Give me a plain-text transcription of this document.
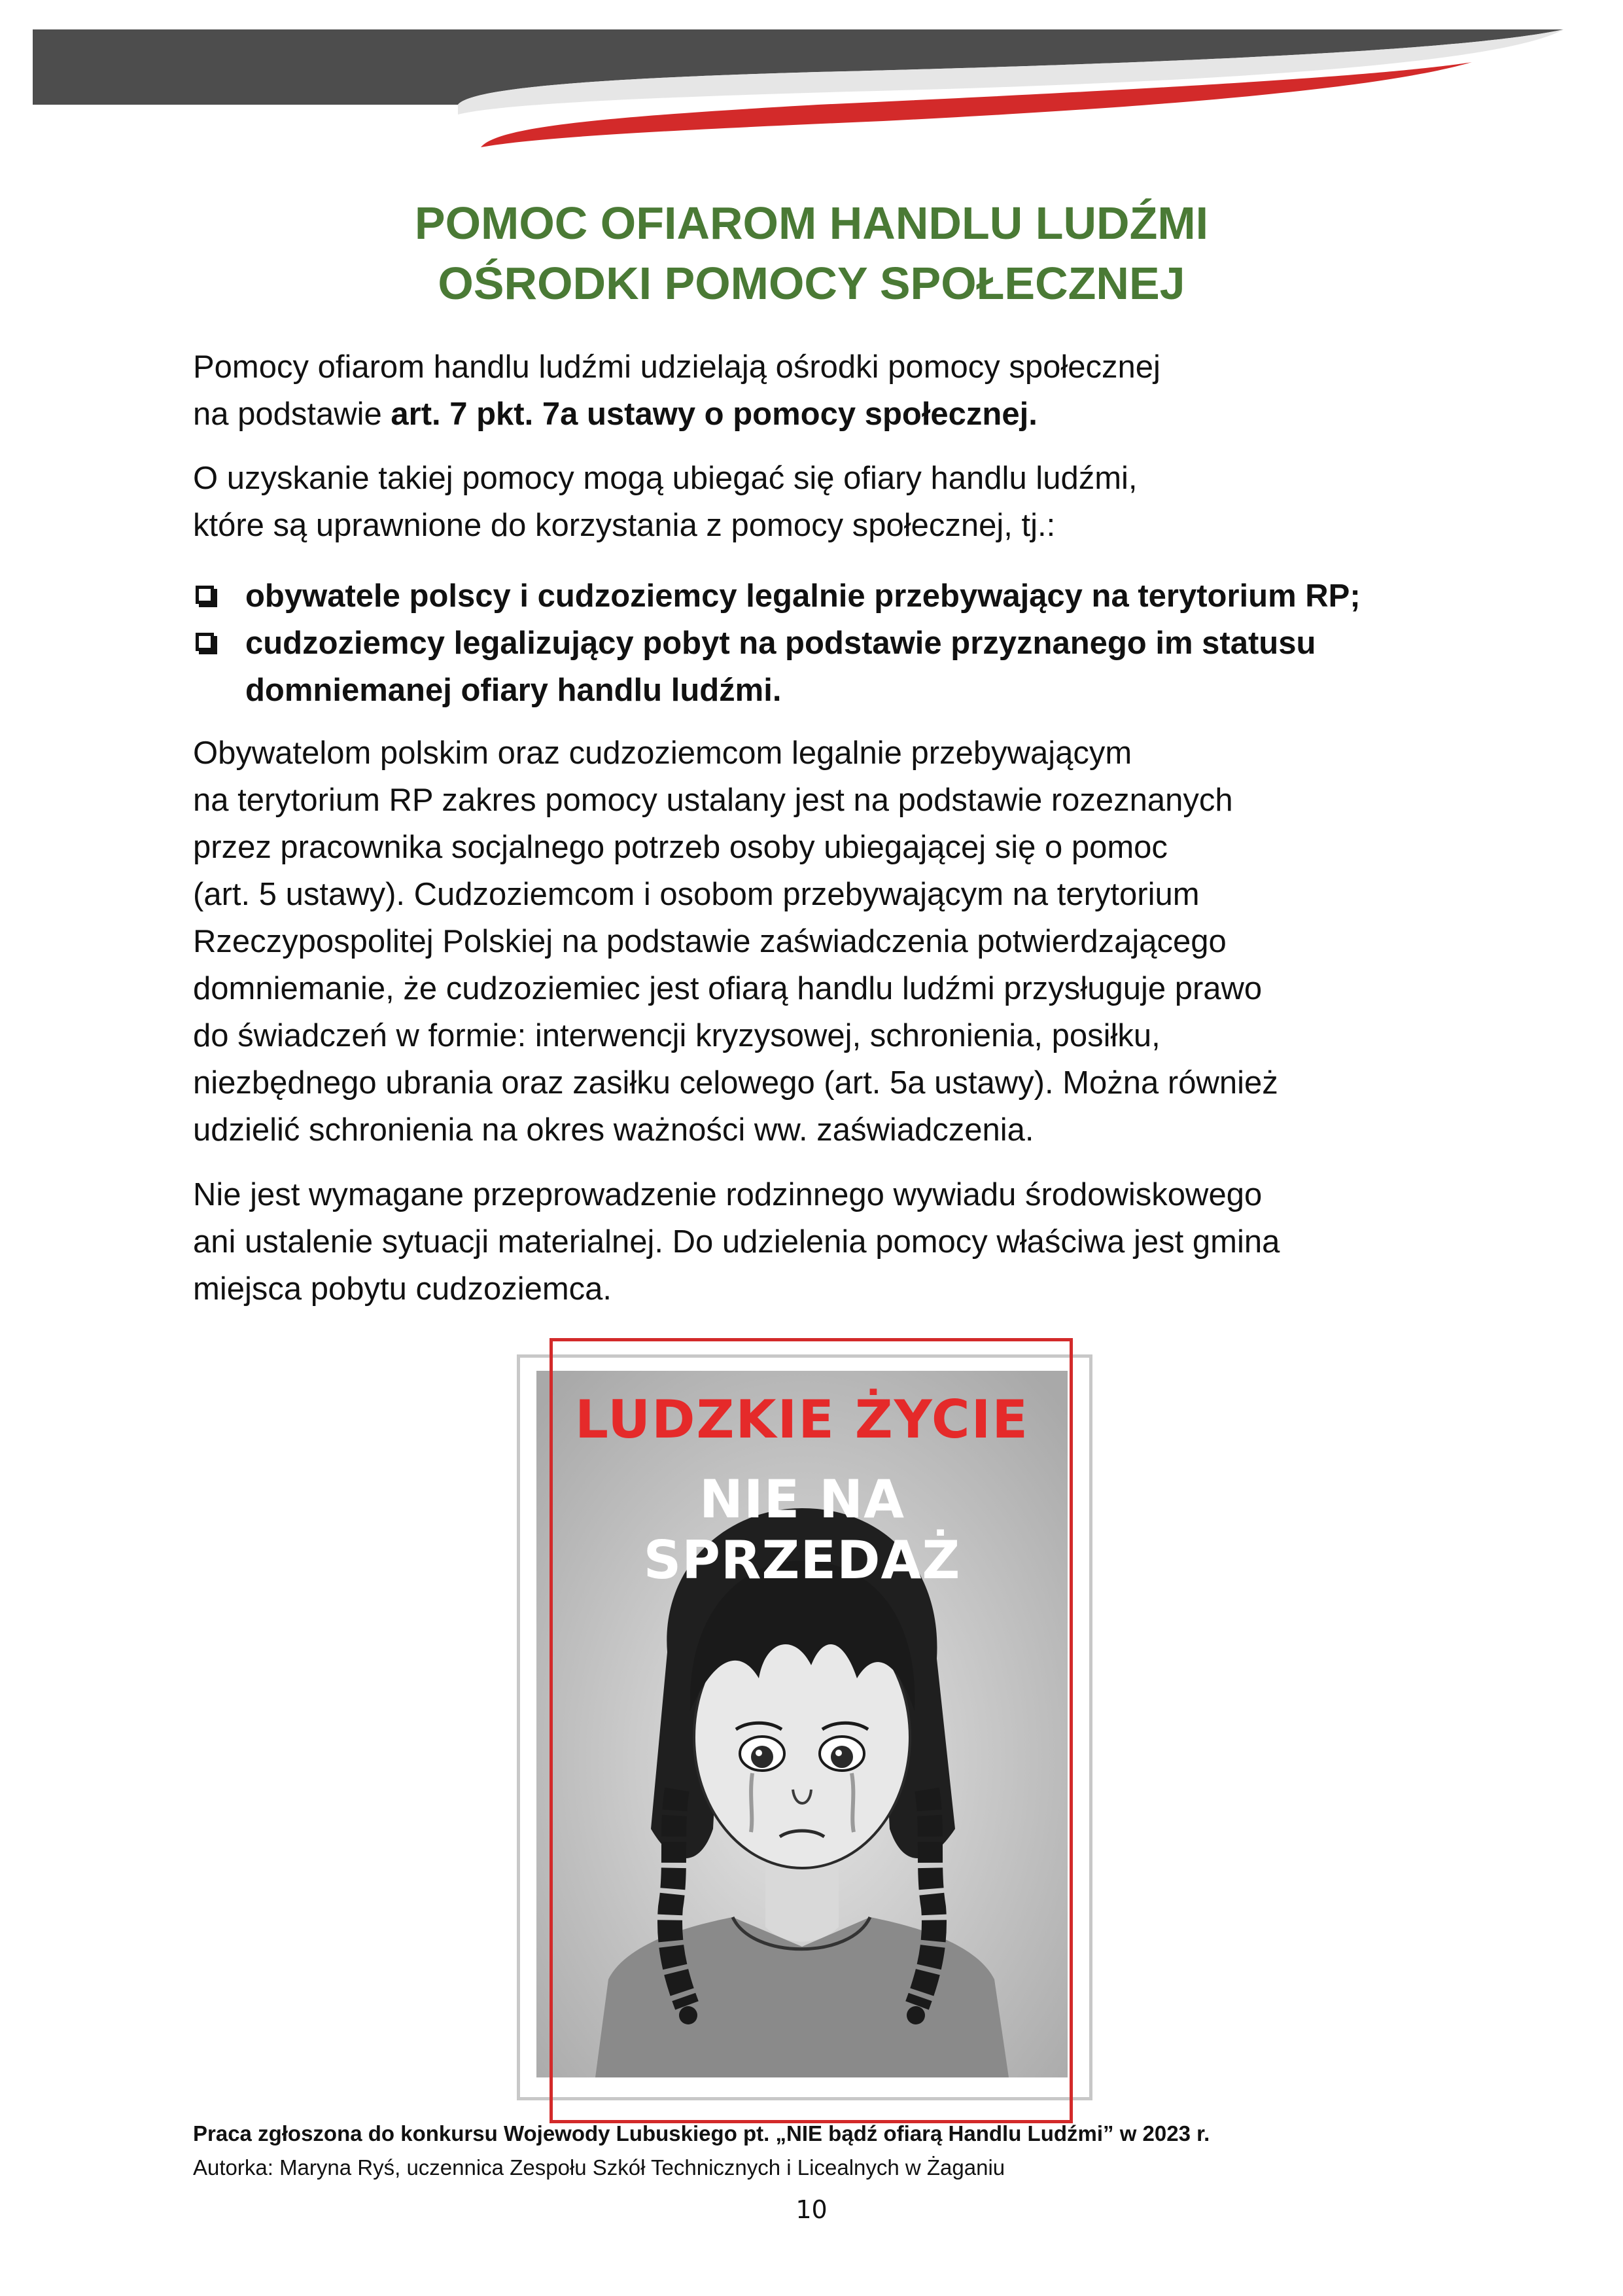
POMOC OFIAROM HANDLU LUDŹMI
OŚRODKI POMOCY SPOŁECZNEJ

Pomocy ofiarom handlu ludźmi udzielają ośrodki pomocy społecznej
na podstawie art. 7 pkt. 7a ustawy o pomocy społecznej.

O uzyskanie takiej pomocy mogą ubiegać się ofiary handlu ludźmi,
które są uprawnione do korzystania z pomocy społecznej, tj.:

obywatele polscy i cudzoziemcy legalnie przebywający na terytorium RP;
cudzoziemcy legalizujący pobyt na podstawie przyznanego im statusu
domniemanej ofiary handlu ludźmi.

Obywatelom polskim oraz cudzoziemcom legalnie przebywającym
na terytorium RP zakres pomocy ustalany jest na podstawie rozeznanych
przez pracownika socjalnego potrzeb osoby ubiegającej się o pomoc
(art. 5 ustawy). Cudzoziemcom i osobom przebywającym na terytorium
Rzeczypospolitej Polskiej na podstawie zaświadczenia potwierdzającego
domniemanie, że cudzoziemiec jest ofiarą handlu ludźmi przysługuje prawo
do świadczeń w formie: interwencji kryzysowej, schronienia, posiłku,
niezbędnego ubrania oraz zasiłku celowego (art. 5a ustawy). Można również
udzielić schronienia na okres ważności ww. zaświadczenia.

Nie jest wymagane przeprowadzenie rodzinnego wywiadu środowiskowego
ani ustalenie sytuacji materialnej. Do udzielenia pomocy właściwa jest gmina
miejsca pobytu cudzoziemca.

LUDZKIE ŻYCIE
NIE NA SPRZEDAŻ
Praca zgłoszona do konkursu Wojewody Lubuskiego pt. „NIE bądź ofiarą Handlu Ludźmi” w 2023 r.
Autorka: Maryna Ryś, uczennica Zespołu Szkół Technicznych i Licealnych w Żaganiu
10
